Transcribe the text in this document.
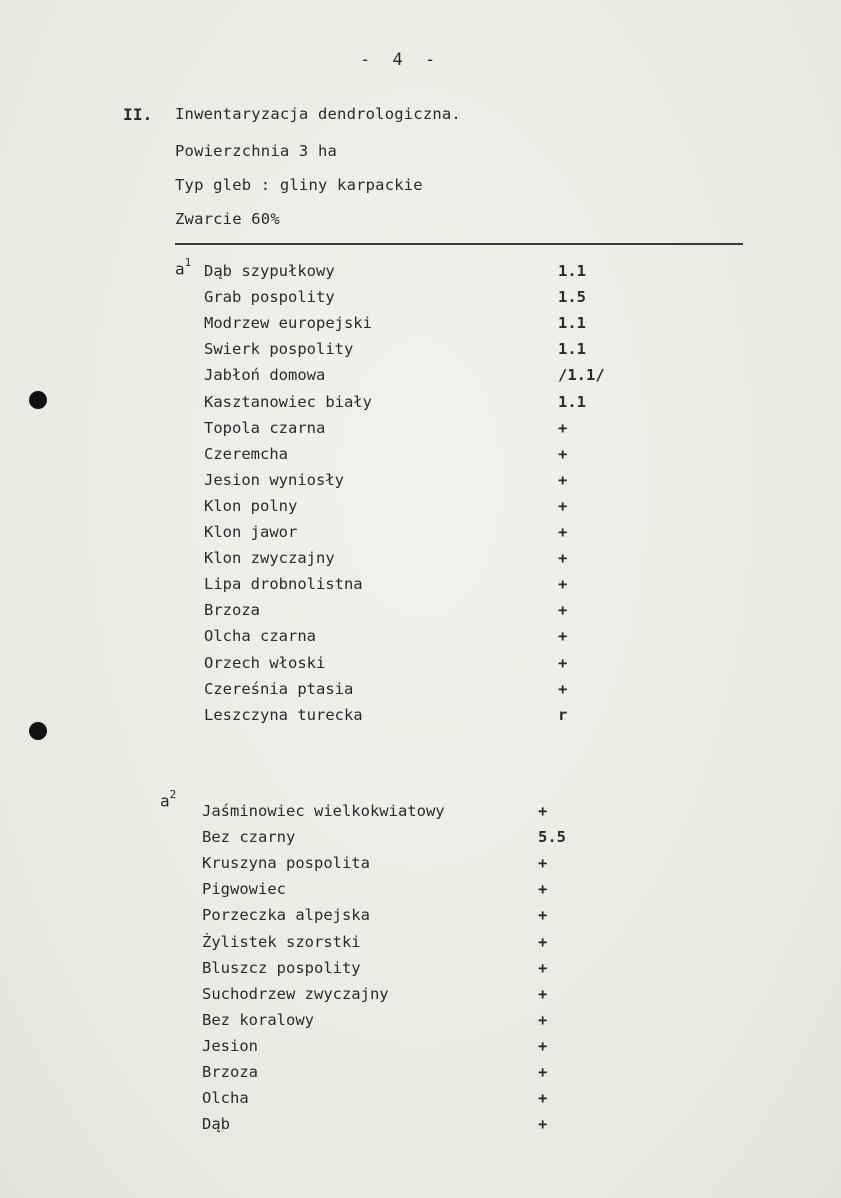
- 4 -
II. Inwentaryzacja dendrologiczna.
Powierzchnia 3 ha
Typ gleb : gliny karpackie
Zwarcie 60%
$a^1$ Dąb szypułkowy	1.1
Grab pospolity	1.5
Modrzew europejski	1.1
Swierk pospolity	1.1
Jabłoń domowa	/1.1/
Kasztanowiec biały	1.1
Topola czarna	+
Czeremcha	+
Jesion wyniosły	+
Klon polny	+
Klon jawor	+
Klon zwyczajny	+
Lipa drobnolistna	+
Brzoza	+
Olcha czarna	+
Orzech włoski	+
Czereśnia ptasia	+
Leszczyna turecka	r
$a^2$
Jaśminowiec wielkokwiatowy	+
Bez czarny	5.5
Kruszyna pospolita	+
Pigwowiec	+
Porzeczka alpejska	+
Żylistek szorstki	+
Bluszcz pospolity	+
Suchodrzew zwyczajny	+
Bez koralowy	+
Jesion	+
Brzoza	+
Olcha	+
Dąb	+
